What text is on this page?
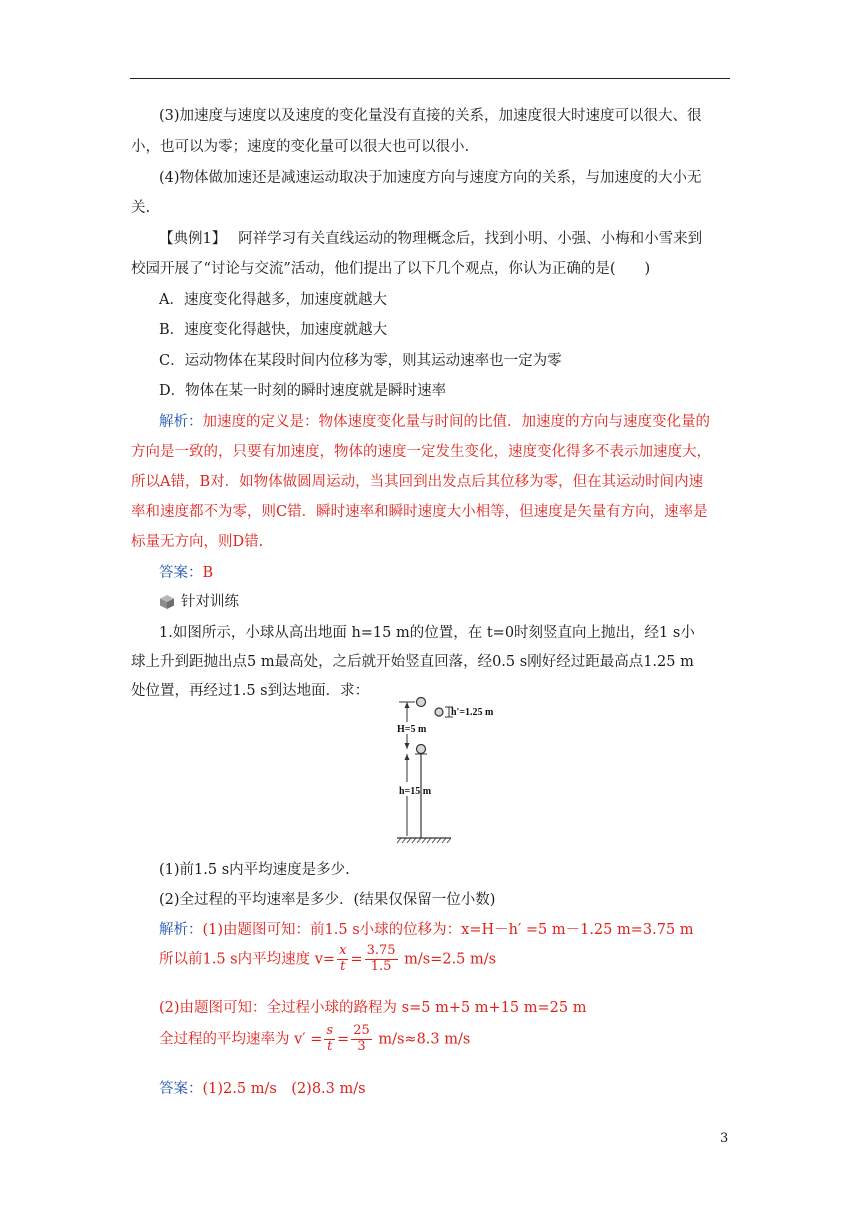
(3)加速度与速度以及速度的变化量没有直接的关系，加速度很大时速度可以很大、很
小，也可以为零；速度的变化量可以很大也可以很小.
(4)物体做加速还是减速运动取决于加速度方向与速度方向的关系，与加速度的大小无
关.
【典例1】　 阿祥学习有关直线运动的物理概念后，找到小明、小强、小梅和小雪来到
校园开展了“讨论与交流”活动，他们提出了以下几个观点，你认为正确的是(　　)
A．速度变化得越多，加速度就越大
B．速度变化得越快，加速度就越大
C．运动物体在某段时间内位移为零，则其运动速率也一定为零
D．物体在某一时刻的瞬时速度就是瞬时速率
解析：加速度的定义是：物体速度变化量与时间的比值．加速度的方向与速度变化量的
方向是一致的，只要有加速度，物体的速度一定发生变化，速度变化得多不表示加速度大，
所以A错，B对．如物体做圆周运动，当其回到出发点后其位移为零，但在其运动时间内速
率和速度都不为零，则C错．瞬时速率和瞬时速度大小相等，但速度是矢量有方向，速率是
标量无方向，则D错.
答案：B
针对训练
1.如图所示，小球从高出地面 h=15 m的位置，在 t=0时刻竖直向上抛出，经1 s小
球上升到距抛出点5 m最高处，之后就开始竖直回落，经0.5 s刚好经过距最高点1.25 m
处位置，再经过1.5 s到达地面．求：
H=5 m
h'=1.25 m
h=15 m
(1)前1.5 s内平均速度是多少.
(2)全过程的平均速率是多少．(结果仅保留一位小数)
解析：(1)由题图可知：前1.5 s小球的位移为：x=H－h′ =5 m－1.25 m=3.75 m
所以前1.5 s内平均速度 $v= \frac{x}{t} = \frac{3.75}{1.5} m/s=2.5$ m/s
(2)由题图可知：全过程小球的路程为 s=5 m+5 m+15 m=25 m
全过程的平均速率为 $v' = \frac{s}{t} = \frac{25}{3} m/s\approx 8.3$ m/s
答案：(1)2.5 m/s　(2)8.3 m/s
3
